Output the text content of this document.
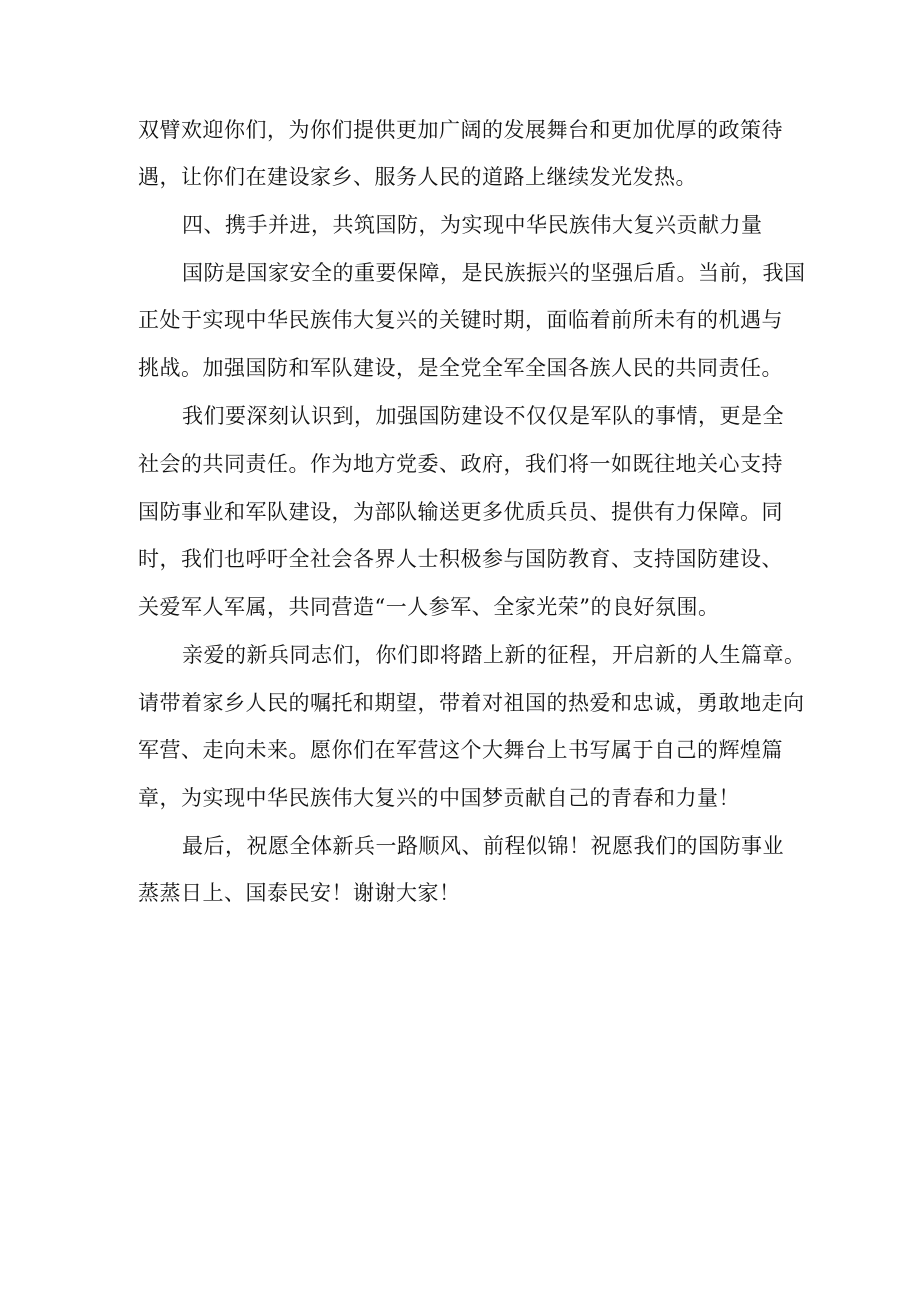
双臂欢迎你们，为你们提供更加广阔的发展舞台和更加优厚的政策待
遇，让你们在建设家乡、服务人民的道路上继续发光发热。
四、携手并进，共筑国防，为实现中华民族伟大复兴贡献力量
国防是国家安全的重要保障，是民族振兴的坚强后盾。当前，我国
正处于实现中华民族伟大复兴的关键时期，面临着前所未有的机遇与
挑战。加强国防和军队建设，是全党全军全国各族人民的共同责任。
我们要深刻认识到，加强国防建设不仅仅是军队的事情，更是全
社会的共同责任。作为地方党委、政府，我们将一如既往地关心支持
国防事业和军队建设，为部队输送更多优质兵员、提供有力保障。同
时，我们也呼吁全社会各界人士积极参与国防教育、支持国防建设、
关爱军人军属，共同营造“一人参军、全家光荣”的良好氛围。
亲爱的新兵同志们，你们即将踏上新的征程，开启新的人生篇章。
请带着家乡人民的嘱托和期望，带着对祖国的热爱和忠诚，勇敢地走向
军营、走向未来。愿你们在军营这个大舞台上书写属于自己的辉煌篇
章，为实现中华民族伟大复兴的中国梦贡献自己的青春和力量！
最后，祝愿全体新兵一路顺风、前程似锦！祝愿我们的国防事业
蒸蒸日上、国泰民安！谢谢大家！
